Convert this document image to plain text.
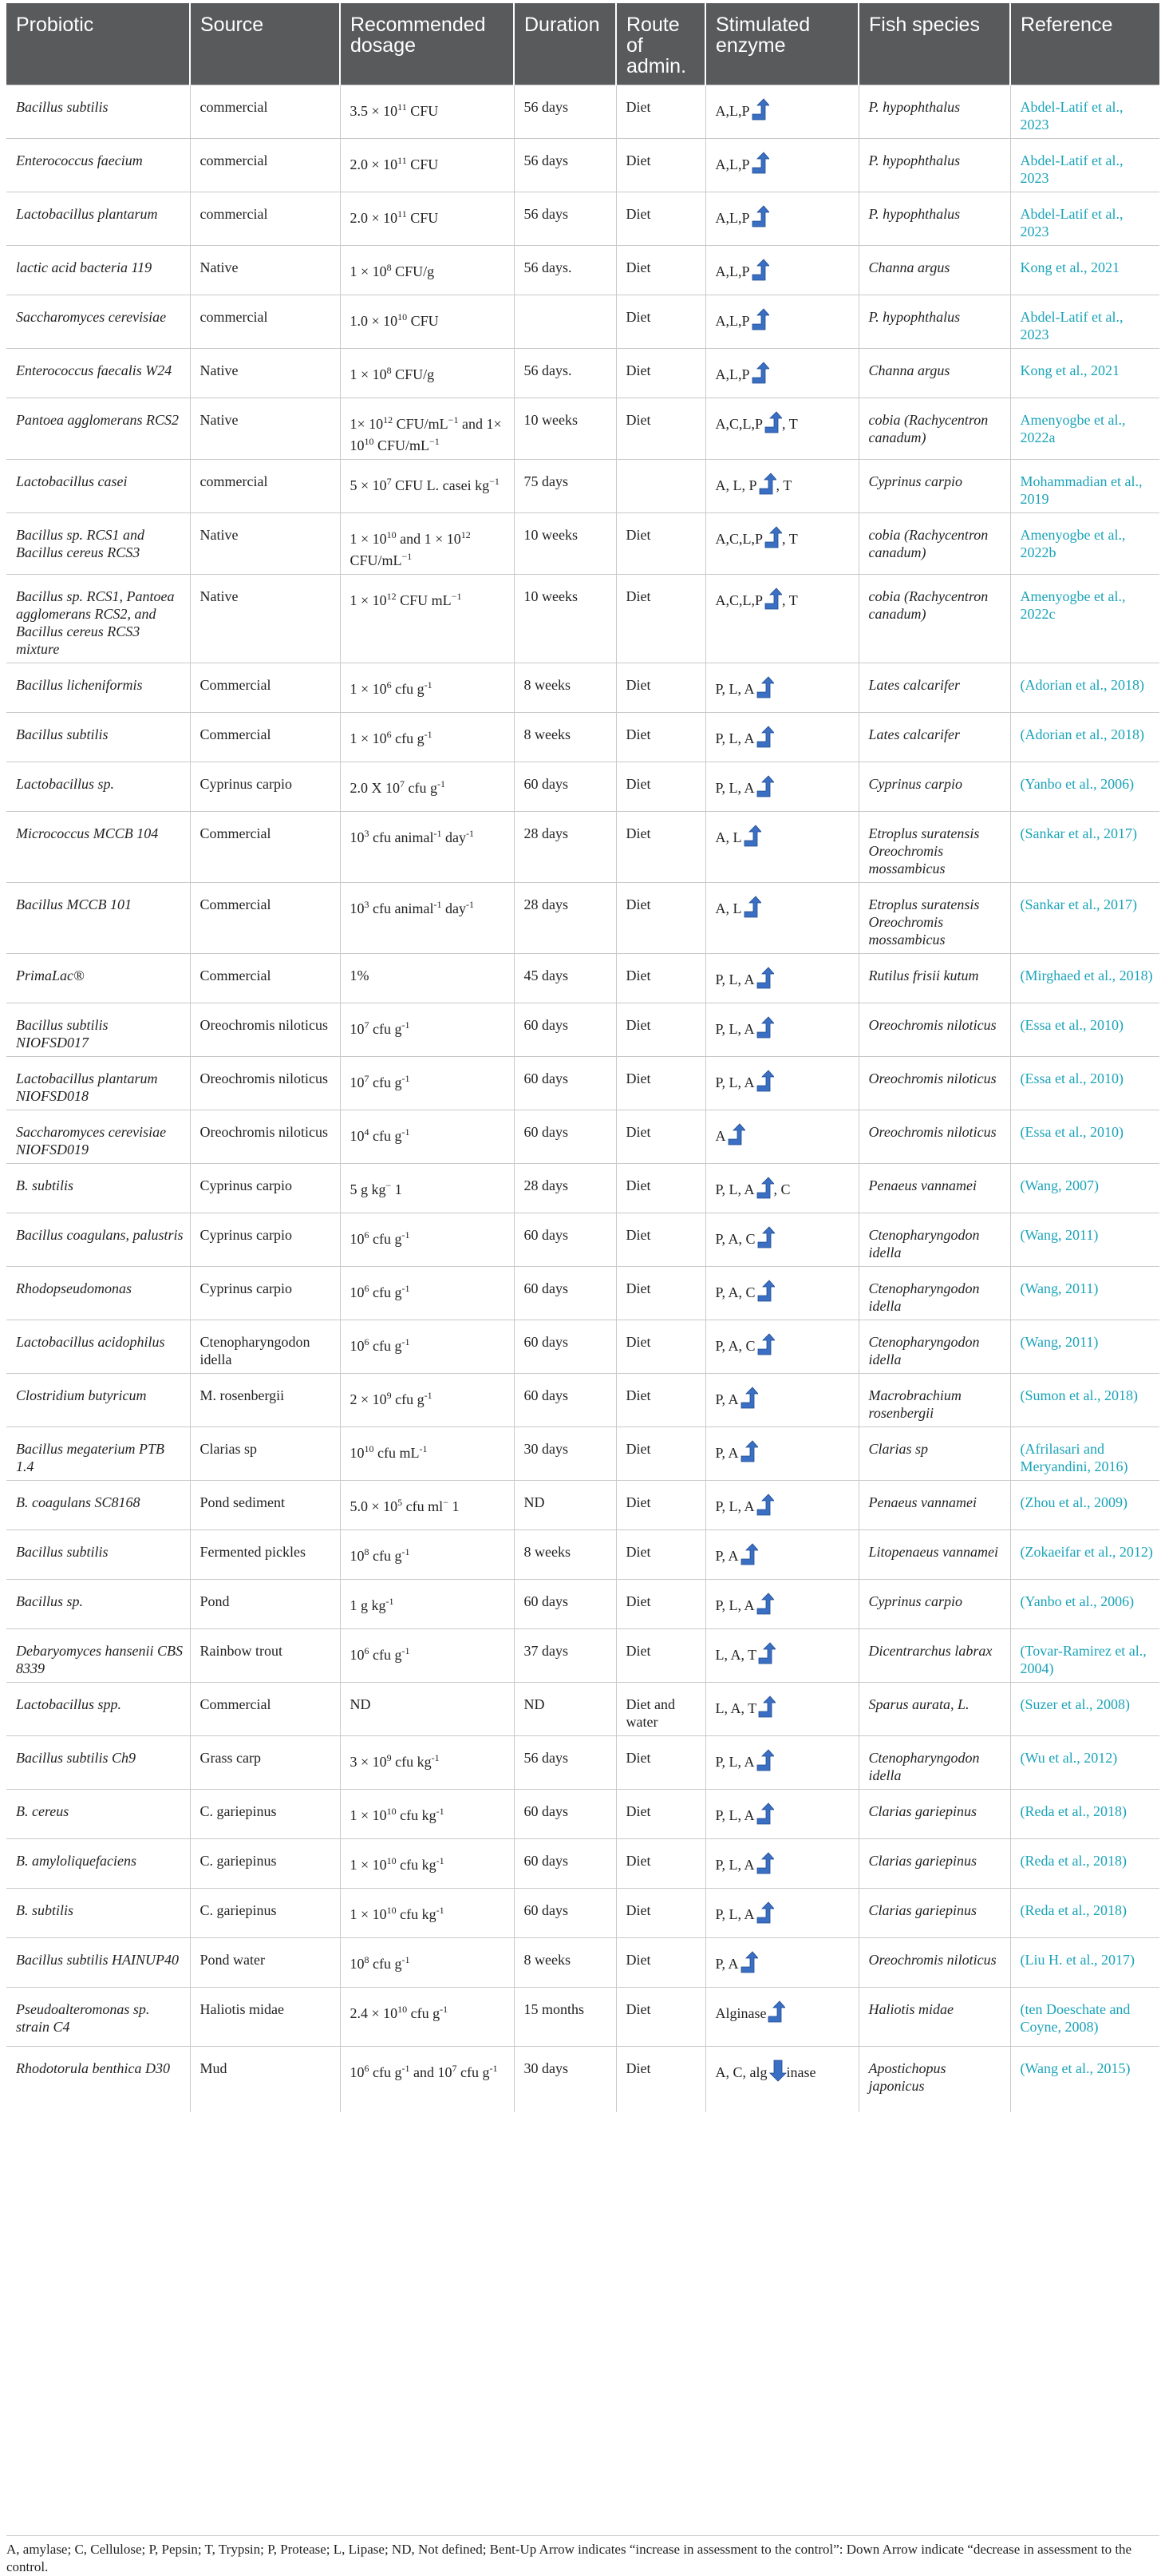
Probiotic	Source	Recommended dosage	Duration	Route of admin.	Stimulated enzyme	Fish species	Reference
Bacillus subtilis	commercial	$3.5 \times 10^{11}$ CFU	56 days	Diet	A,L,P	P. hypophthalus	Abdel-Latif et al., 2023
Enterococcus faecium	commercial	$2.0 \times 10^{11}$ CFU	56 days	Diet	A,L,P	P. hypophthalus	Abdel-Latif et al., 2023
Lactobacillus plantarum	commercial	$2.0 \times 10^{11}$ CFU	56 days	Diet	A,L,P	P. hypophthalus	Abdel-Latif et al., 2023
lactic acid bacteria 119	Native	$1 \times 10^8$ CFU/g	56 days.	Diet	A,L,P	Channa argus	Kong et al., 2021
Saccharomyces cerevisiae	commercial	$1.0 \times 10^{10}$ CFU		Diet	A,L,P	P. hypophthalus	Abdel-Latif et al., 2023
Enterococcus faecalis W24	Native	$1 \times 10^8$ CFU/g	56 days.	Diet	A,L,P	Channa argus	Kong et al., 2021
Pantoea agglomerans RCS2	Native	$1\times 10^{12}$ CFU/$mL^{-1}$ and $1\times 10^{10}$ CFU/$mL^{-1}$	10 weeks	Diet	A,C,L,P , T	cobia (Rachycentron canadum)	Amenyogbe et al., 2022a
Lactobacillus casei	commercial	$5 \times 10^7$ CFU L. casei $kg^{-1}$	75 days		A, L, P , T	Cyprinus carpio	Mohammadian et al., 2019
Bacillus sp. RCS1 and Bacillus cereus RCS3	Native	$1 \times 10^{10}$ and $1 \times 10^{12}$ CFU/$mL^{-1}$	10 weeks	Diet	A,C,L,P , T	cobia (Rachycentron canadum)	Amenyogbe et al., 2022b
Bacillus sp. RCS1, Pantoea agglomerans RCS2, and Bacillus cereus RCS3 mixture	Native	$1 \times 10^{12}$ CFU $mL^{-1}$	10 weeks	Diet	A,C,L,P , T	cobia (Rachycentron canadum)	Amenyogbe et al., 2022c
Bacillus licheniformis	Commercial	$1 \times 10^6$ cfu $g^{-1}$	8 weeks	Diet	P, L, A	Lates calcarifer	(Adorian et al., 2018)
Bacillus subtilis	Commercial	$1 \times 10^6$ cfu $g^{-1}$	8 weeks	Diet	P, L, A	Lates calcarifer	(Adorian et al., 2018)
Lactobacillus sp.	Cyprinus carpio	2.0 X $10^7$ cfu $g^{-1}$	60 days	Diet	P, L, A	Cyprinus carpio	(Yanbo et al., 2006)
Micrococcus MCCB 104	Commercial	$10^3$ cfu animal$^{-1}$ day$^{-1}$	28 days	Diet	A, L	Etroplus suratensis Oreochromis mossambicus	(Sankar et al., 2017)
Bacillus MCCB 101	Commercial	$10^3$ cfu animal$^{-1}$ day$^{-1}$	28 days	Diet	A, L	Etroplus suratensis Oreochromis mossambicus	(Sankar et al., 2017)
PrimaLac®	Commercial	1%	45 days	Diet	P, L, A	Rutilus frisii kutum	(Mirghaed et al., 2018)
Bacillus subtilis NIOFSD017	Oreochromis niloticus	$10^7$ cfu $g^{-1}$	60 days	Diet	P, L, A	Oreochromis niloticus	(Essa et al., 2010)
Lactobacillus plantarum NIOFSD018	Oreochromis niloticus	$10^7$ cfu $g^{-1}$	60 days	Diet	P, L, A	Oreochromis niloticus	(Essa et al., 2010)
Saccharomyces cerevisiae NIOFSD019	Oreochromis niloticus	$10^4$ cfu $g^{-1}$	60 days	Diet	A	Oreochromis niloticus	(Essa et al., 2010)
B. subtilis	Cyprinus carpio	5 g kg− 1	28 days	Diet	P, L, A , C	Penaeus vannamei	(Wang, 2007)
Bacillus coagulans, palustris	Cyprinus carpio	$10^6$ cfu $g^{-1}$	60 days	Diet	P, A, C	Ctenopharyngodon idella	(Wang, 2011)
Rhodopseudomonas	Cyprinus carpio	$10^6$ cfu $g^{-1}$	60 days	Diet	P, A, C	Ctenopharyngodon idella	(Wang, 2011)
Lactobacillus acidophilus	Ctenopharyngodon idella	$10^6$ cfu $g^{-1}$	60 days	Diet	P, A, C	Ctenopharyngodon idella	(Wang, 2011)
Clostridium butyricum	M. rosenbergii	$2 \times 10^9$ cfu $g^{-1}$	60 days	Diet	P, A	Macrobrachium rosenbergii	(Sumon et al., 2018)
Bacillus megaterium PTB 1.4	Clarias sp	$10^{10}$ cfu $mL^{-1}$	30 days	Diet	P, A	Clarias sp	(Afrilasari and Meryandini, 2016)
B. coagulans SC8168	Pond sediment	$5.0 \times 10^5$ cfu ml− 1	ND	Diet	P, L, A	Penaeus vannamei	(Zhou et al., 2009)
Bacillus subtilis	Fermented pickles	$10^8$ cfu $g^{-1}$	8 weeks	Diet	P, A	Litopenaeus vannamei	(Zokaeifar et al., 2012)
Bacillus sp.	Pond	1 g $kg^{-1}$	60 days	Diet	P, L, A	Cyprinus carpio	(Yanbo et al., 2006)
Debaryomyces hansenii CBS 8339	Rainbow trout	$10^6$ cfu $g^{-1}$	37 days	Diet	L, A, T	Dicentrarchus labrax	(Tovar-Ramirez et al., 2004)
Lactobacillus spp.	Commercial	ND	ND	Diet and water	L, A, T	Sparus aurata, L.	(Suzer et al., 2008)
Bacillus subtilis Ch9	Grass carp	$3 \times 10^9$ cfu $kg^{-1}$	56 days	Diet	P, L, A	Ctenopharyngodon idella	(Wu et al., 2012)
B. cereus	C. gariepinus	$1 \times 10^{10}$ cfu $kg^{-1}$	60 days	Diet	P, L, A	Clarias gariepinus	(Reda et al., 2018)
B. amyloliquefaciens	C. gariepinus	$1 \times 10^{10}$ cfu $kg^{-1}$	60 days	Diet	P, L, A	Clarias gariepinus	(Reda et al., 2018)
B. subtilis	C. gariepinus	$1 \times 10^{10}$ cfu $kg^{-1}$	60 days	Diet	P, L, A	Clarias gariepinus	(Reda et al., 2018)
Bacillus subtilis HAINUP40	Pond water	$10^8$ cfu $g^{-1}$	8 weeks	Diet	P, A	Oreochromis niloticus	(Liu H. et al., 2017)
Pseudoalteromonas sp. strain C4	Haliotis midae	$2.4 \times 10^{10}$ cfu $g^{-1}$	15 months	Diet	Alginase	Haliotis midae	(ten Doeschate and Coyne, 2008)
Rhodotorula benthica D30	Mud	$10^6$ cfu $g^{-1}$ and $10^7$ cfu $g^{-1}$	30 days	Diet	A, C, alg inase	Apostichopus japonicus	(Wang et al., 2015)
A, amylase; C, Cellulose; P, Pepsin; T, Trypsin; P, Protease; L, Lipase; ND, Not defined; Bent-Up Arrow indicates “increase in assessment to the control”: Down Arrow indicate “decrease in assessment to the control.
